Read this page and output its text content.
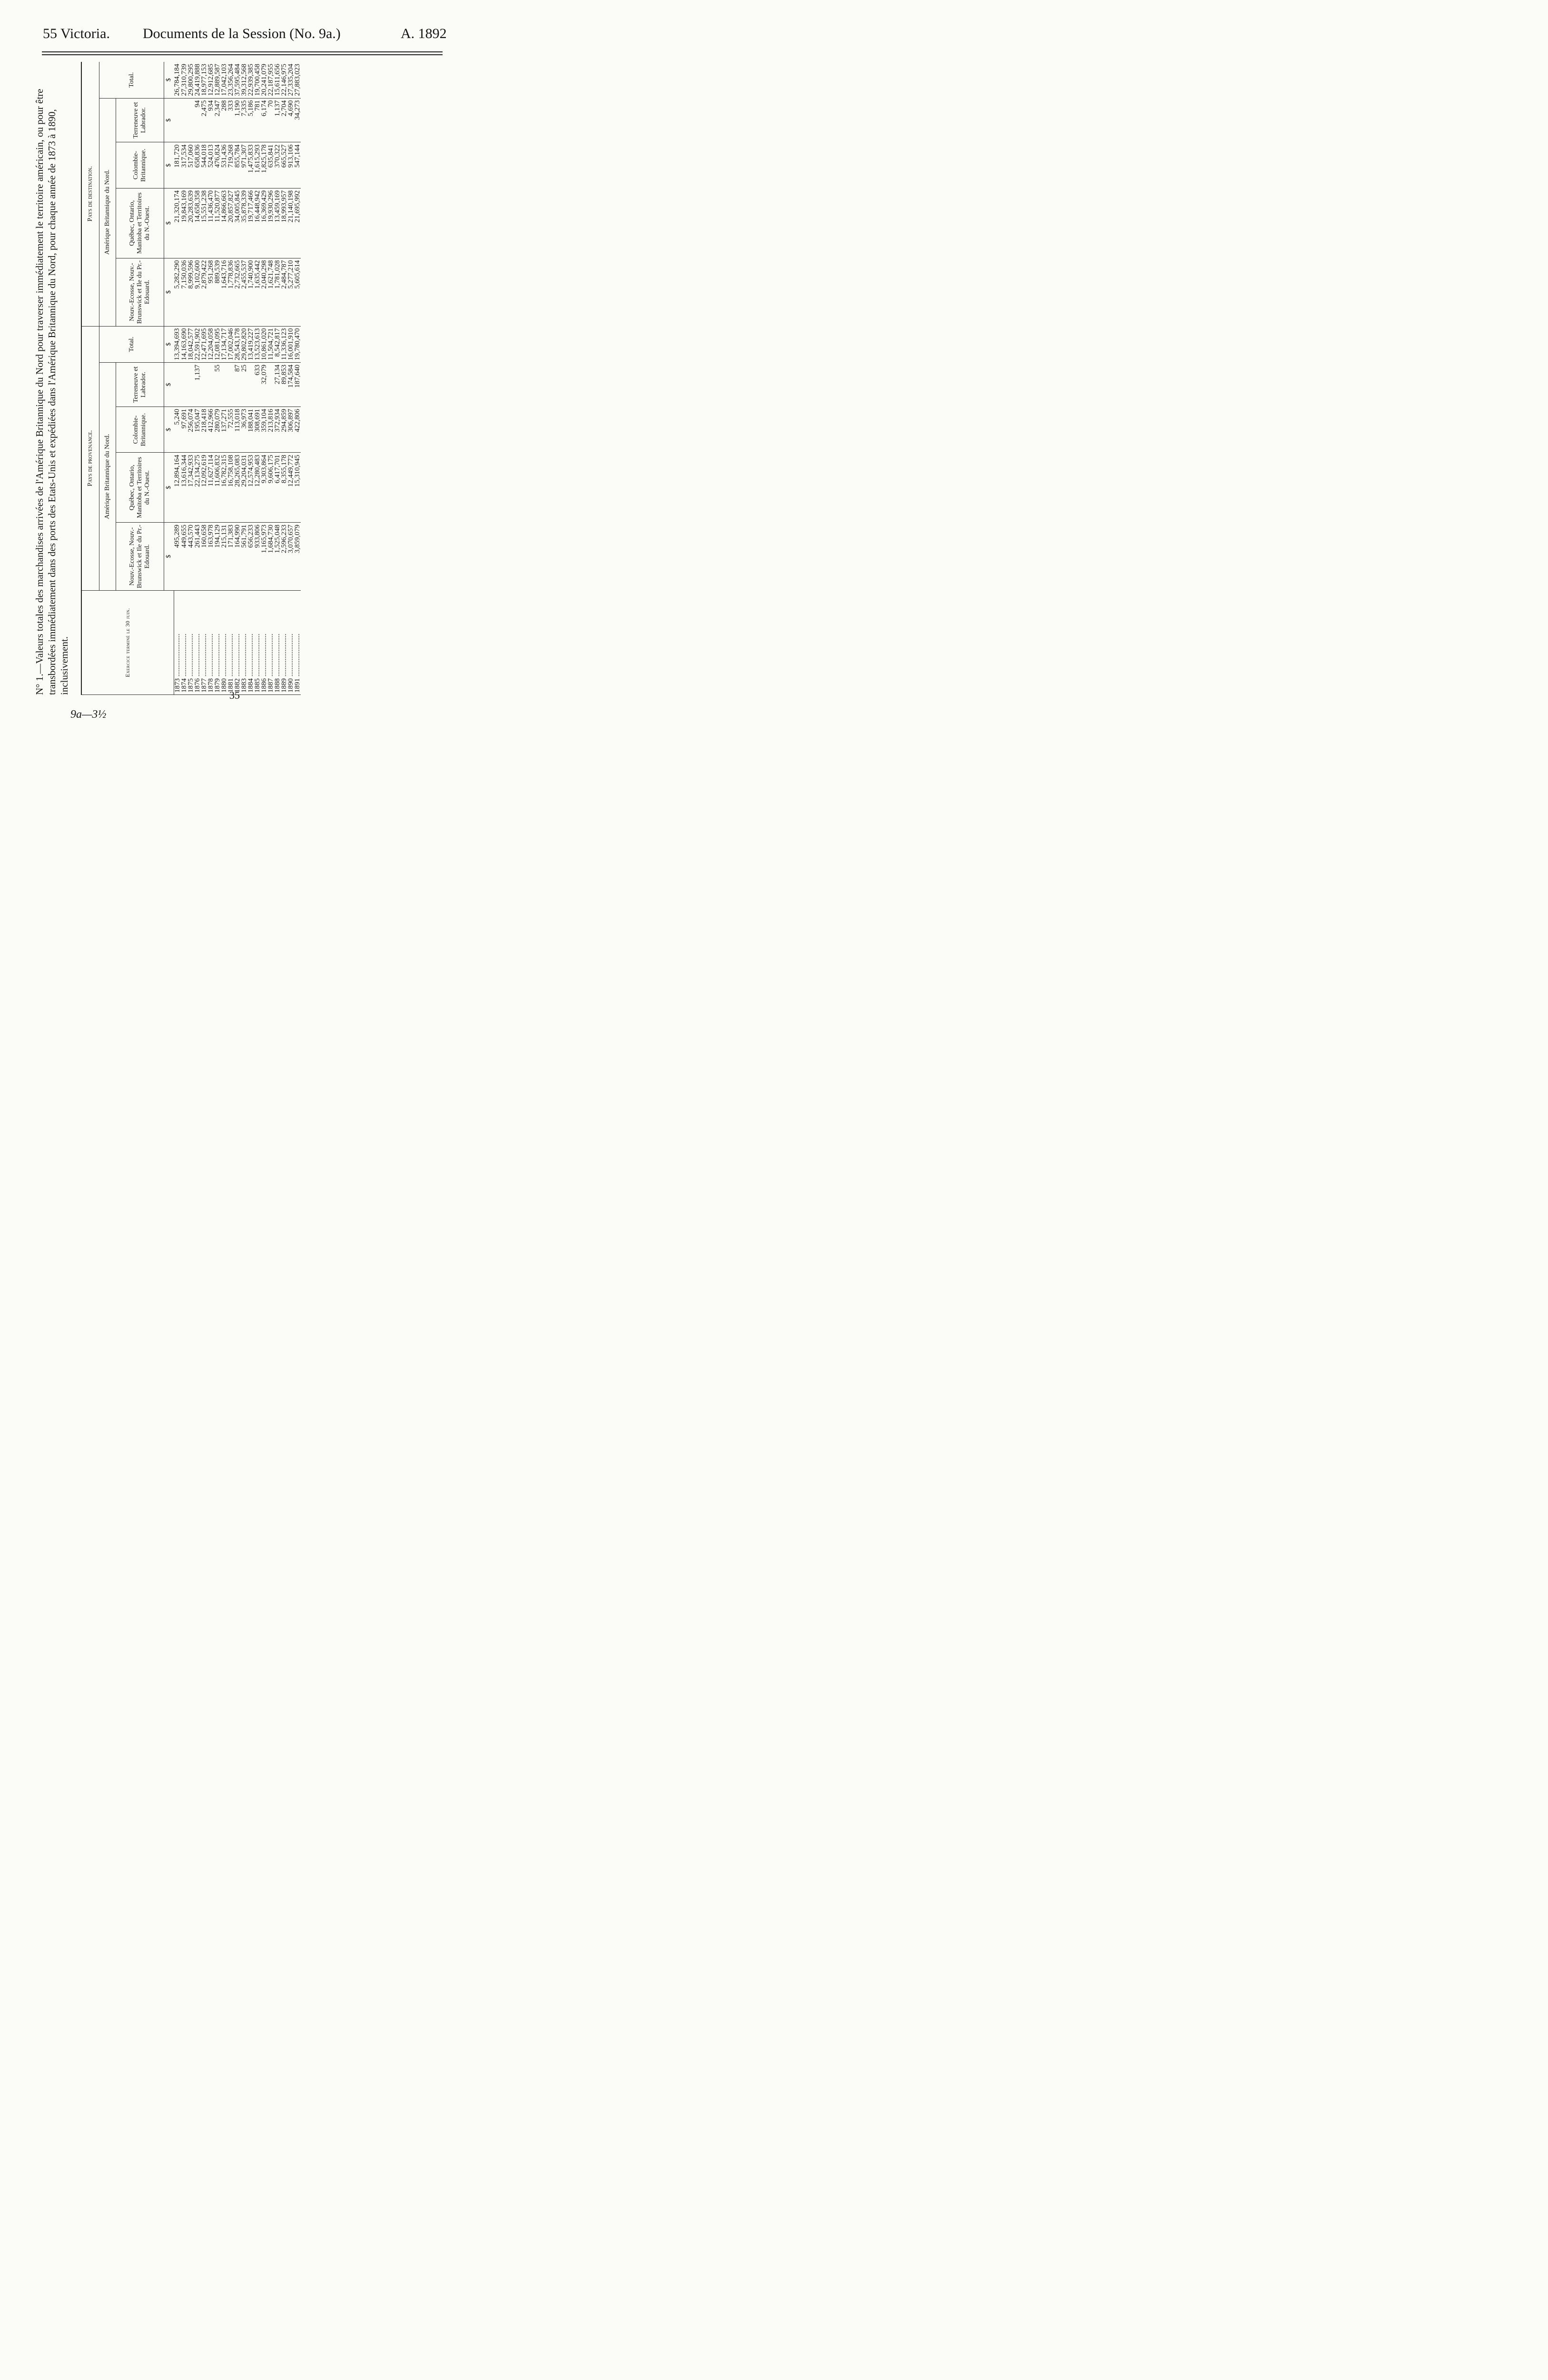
55 Victoria. Documents de la Session (No. 9a.)	A. 1892
N° 1.—Valeurs totales des marchandises arrivées de l'Amérique Britannique du Nord pour traverser immédiatement le territoire américain, ou pour être transbordées immédiatement dans des ports des Etats-Unis et expédiées dans l'Amérique Britannique du Nord, pour chaque année de 1873 à 1890, inclusivement.	Exercice terminé le 30 juin.	Pays de provenance.					Pays de destination.				
	Amérique Britannique du Nord.				Total.	Amérique Britannique du Nord.				Total.
	Nouv.-Ecosse, Nouv.-Brunswick et Ile du Pr.-Edouard.	Québec, Ontario, Manitoba et Territoires du N.-Ouest.	Colombie-Britannique.	Terreneuve et Labrador.		Nouv.-Ecosse, Nouv.-Brunswick et Ile du Pr.-Edouard.	Québec, Ontario, Manitoba et Territoires du N.-Ouest.	Colombie-Britannique.	Terreneuve et Labrador.	
	$	$	$	$	$	$	$	$	$	$
1873 ........................	495,289	12,894,164	5,240		13,394,693	5,282,290	21,320,174	181,720		26,784,184
1874 ........................	449,655	13,616,344	97,691		14,163,690	7,150,036	19,843,169	317,534		27,310,739
1875 ........................	443,570	17,342,933	256,074		18,042,577	8,999,596	20,283,639	517,060		29,800,295
1876 ........................	261,443	22,134,275	195,047	1,137	22,591,902	9,102,600	14,658,358	658,836	94	24,419,888
1877 ........................	160,658	12,092,619	218,418		12,471,695	2,879,422	15,551,238	544,018	2,475	18,977,153
1878 ........................	163,978	11,627,114	412,966		12,204,058	951,268	11,436,470	524,013	934	12,912,685
1879 ........................	194,129	11,606,832	280,079	55	12,081,095	889,539	11,520,877	476,824	2,347	12,889,587
1880 ........................	215,131	16,782,315	137,271		17,134,717	1,643,716	14,866,663	531,436	288	17,042,103
1881 ........................	171,383	16,758,108	72,555		17,002,046	1,778,836	20,857,827	719,268	333	23,356,264
1882 ........................	164,990	28,265,083	113,018	87	28,543,178	2,732,665	34,005,845	855,784	1,190	37,595,484
1883 ........................	561,791	29,204,031	36,973	25	29,802,820	2,455,537	35,878,339	971,307	7,335	39,312,568
1884 ........................	656,233	12,574,953	188,041		13,419,227	1,740,900	19,717,466	1,475,833	5,186	22,939,385
1885 ........................	933,806	12,280,483	308,691	633	13,523,613	1,635,442	16,448,942	1,615,293	781	19,700,458
1886 ........................	1,165,973	9,303,864	359,104	32,079	10,861,020	2,040,298	16,369,429	1,825,178	6,174	20,241,079
1887 ........................	1,684,730	9,606,175	213,816		11,504,721	1,621,748	19,930,296	635,841	70	22,187,955
1888 ........................	1,525,048	6,417,701	372,934	27,134	8,542,817	1,781,028	13,459,169	370,322	1,137	15,611,656
1889 ........................	2,596,233	8,355,178	294,859	89,853	11,336,123	2,484,787	18,993,957	665,527	2,704	22,146,975
1890 ........................	3,070,657	12,449,772	306,897	174,584	16,001,910	5,277,210	21,140,198	913,106	4,690	27,335,204
1891 ........................	3,859,079	15,310,945	422,806	187,640	19,780,470	5,605,614	21,695,992	547,144	34,273	27,883,023
35
9a—3½
